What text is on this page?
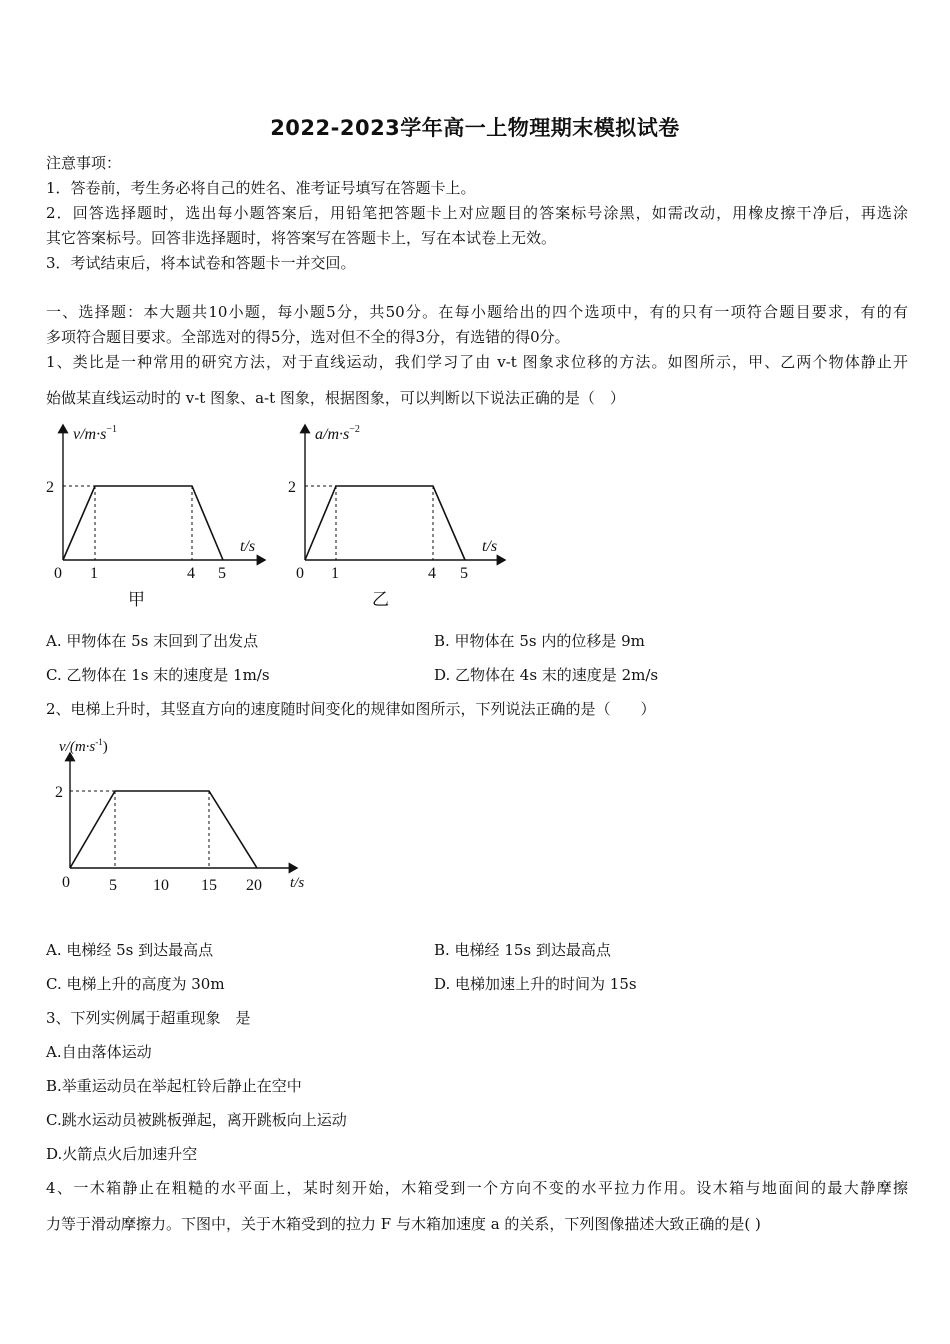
2022-2023学年高一上物理期末模拟试卷
注意事项：
1．答卷前，考生务必将自己的姓名、准考证号填写在答题卡上。
2．回答选择题时，选出每小题答案后，用铅笔把答题卡上对应题目的答案标号涂黑，如需改动，用橡皮擦干净后，再选涂
其它答案标号。回答非选择题时，将答案写在答题卡上，写在本试卷上无效。
3．考试结束后，将本试卷和答题卡一并交回。
一、选择题：本大题共10小题，每小题5分，共50分。在每小题给出的四个选项中，有的只有一项符合题目要求，有的有
多项符合题目要求。全部选对的得5分，选对但不全的得3分，有选错的得0分。
1、类比是一种常用的研究方法，对于直线运动，我们学习了由 v-t 图象求位移的方法。如图所示，甲、乙两个物体静止开
始做某直线运动时的 v-t 图象、a-t 图象，根据图象，可以判断以下说法正确的是（　）
$v/m\cdot s^{-1}$
t/s
2
0 1	4 5
甲
$a/m\cdot s^{-2}$
t/s
2
0 1	4 5
乙
A. 甲物体在 5s 末回到了出发点	B. 甲物体在 5s 内的位移是 9m
C. 乙物体在 1s 末的速度是 1m/s	D. 乙物体在 4s 末的速度是 2m/s
2、电梯上升时，其竖直方向的速度随时间变化的规律如图所示，下列说法正确的是（　　）
$v/(m\cdot s^{-1})$
t/s
2
0 5 10 15 20
A. 电梯经 5s 到达最高点	B. 电梯经 15s 到达最高点
C. 电梯上升的高度为 30m	D. 电梯加速上升的时间为 15s
3、下列实例属于超重现象　是
A.自由落体运动
B.举重运动员在举起杠铃后静止在空中
C.跳水运动员被跳板弹起，离开跳板向上运动
D.火箭点火后加速升空
4、一木箱静止在粗糙的水平面上，某时刻开始，木箱受到一个方向不变的水平拉力作用。设木箱与地面间的最大静摩擦
力等于滑动摩擦力。下图中，关于木箱受到的拉力 F 与木箱加速度 a 的关系，下列图像描述大致正确的是( )
